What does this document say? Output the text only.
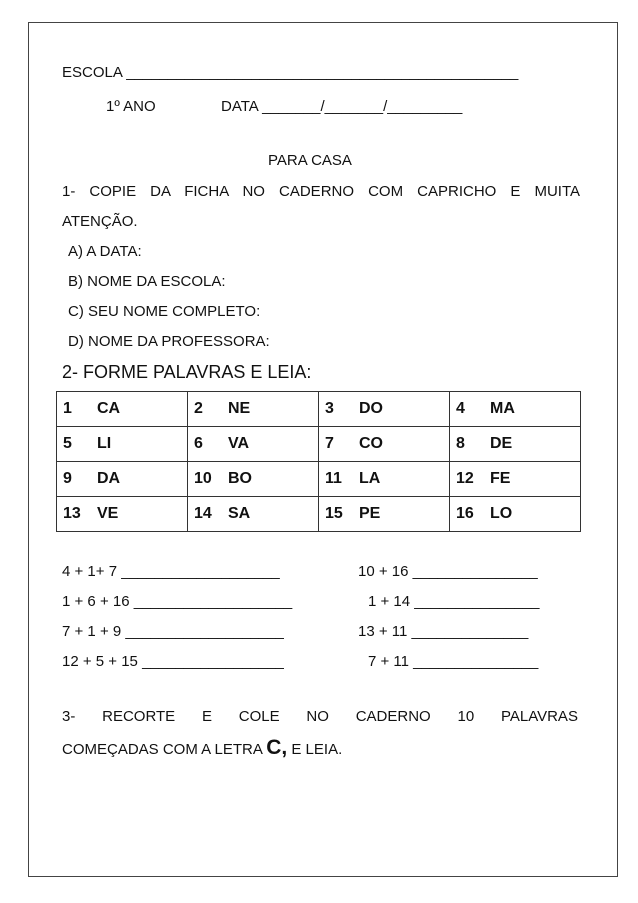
ESCOLA _______________________________________________
1º ANO	DATA _______/_______/_________
PARA CASA
1- COPIE DA FICHA NO CADERNO COM CAPRICHO E MUITA
ATENÇÃO.
A) A DATA:
B) NOME DA ESCOLA:
C) SEU NOME COMPLETO:
D) NOME DA PROFESSORA:
2- FORME PALAVRAS E LEIA:
1 CA	2 NE	3 DO	4 MA
5 LI	6 VA	7 CO	8 DE
9 DA	10 BO	11 LA	12 FE
13 VE	14 SA	15 PE	16 LO
4 + 1+ 7 ___________________
1 + 6 + 16 ___________________
7 + 1 + 9 ___________________
12 + 5 + 15 _________________
10 + 16 _______________
1 + 14 _______________
13 + 11 ______________
7 + 11 _______________
3- RECORTE E COLE NO CADERNO 10 PALAVRAS
COMEÇADAS COM A LETRA C, E LEIA.
